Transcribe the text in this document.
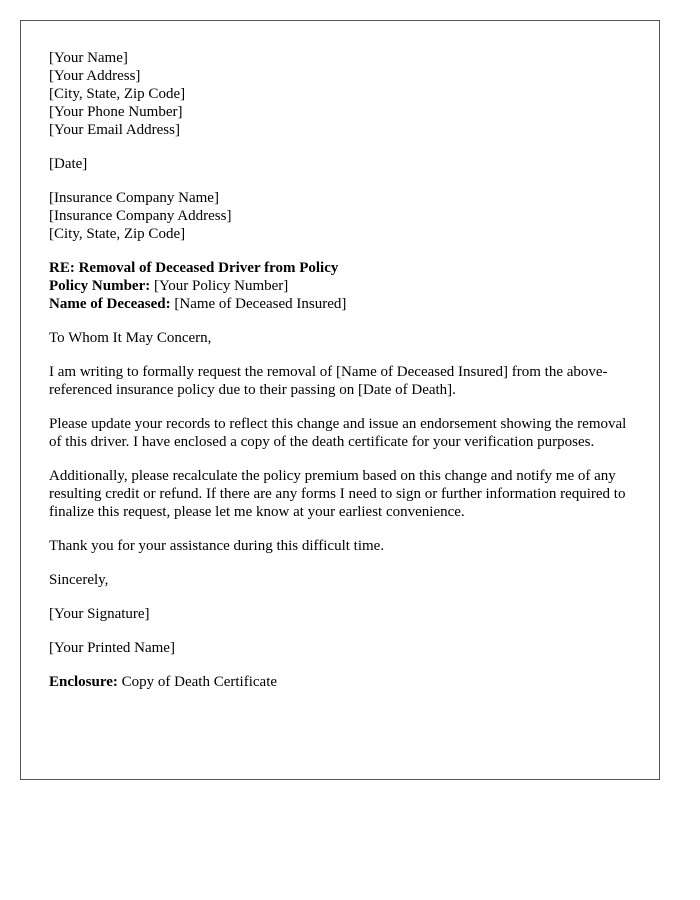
[Your Name]
[Your Address]
[City, State, Zip Code]
[Your Phone Number]
[Your Email Address]
[Date]
[Insurance Company Name]
[Insurance Company Address]
[City, State, Zip Code]
RE: Removal of Deceased Driver from Policy
Policy Number: [Your Policy Number]
Name of Deceased: [Name of Deceased Insured]

To Whom It May Concern,

I am writing to formally request the removal of [Name of Deceased Insured] from the above-referenced insurance policy due to their passing on [Date of Death].

Please update your records to reflect this change and issue an endorsement showing the removal of this driver. I have enclosed a copy of the death certificate for your verification purposes.

Additionally, please recalculate the policy premium based on this change and notify me of any resulting credit or refund. If there are any forms I need to sign or further information required to finalize this request, please let me know at your earliest convenience.

Thank you for your assistance during this difficult time.

Sincerely,

[Your Signature]

[Your Printed Name]

Enclosure: Copy of Death Certificate
